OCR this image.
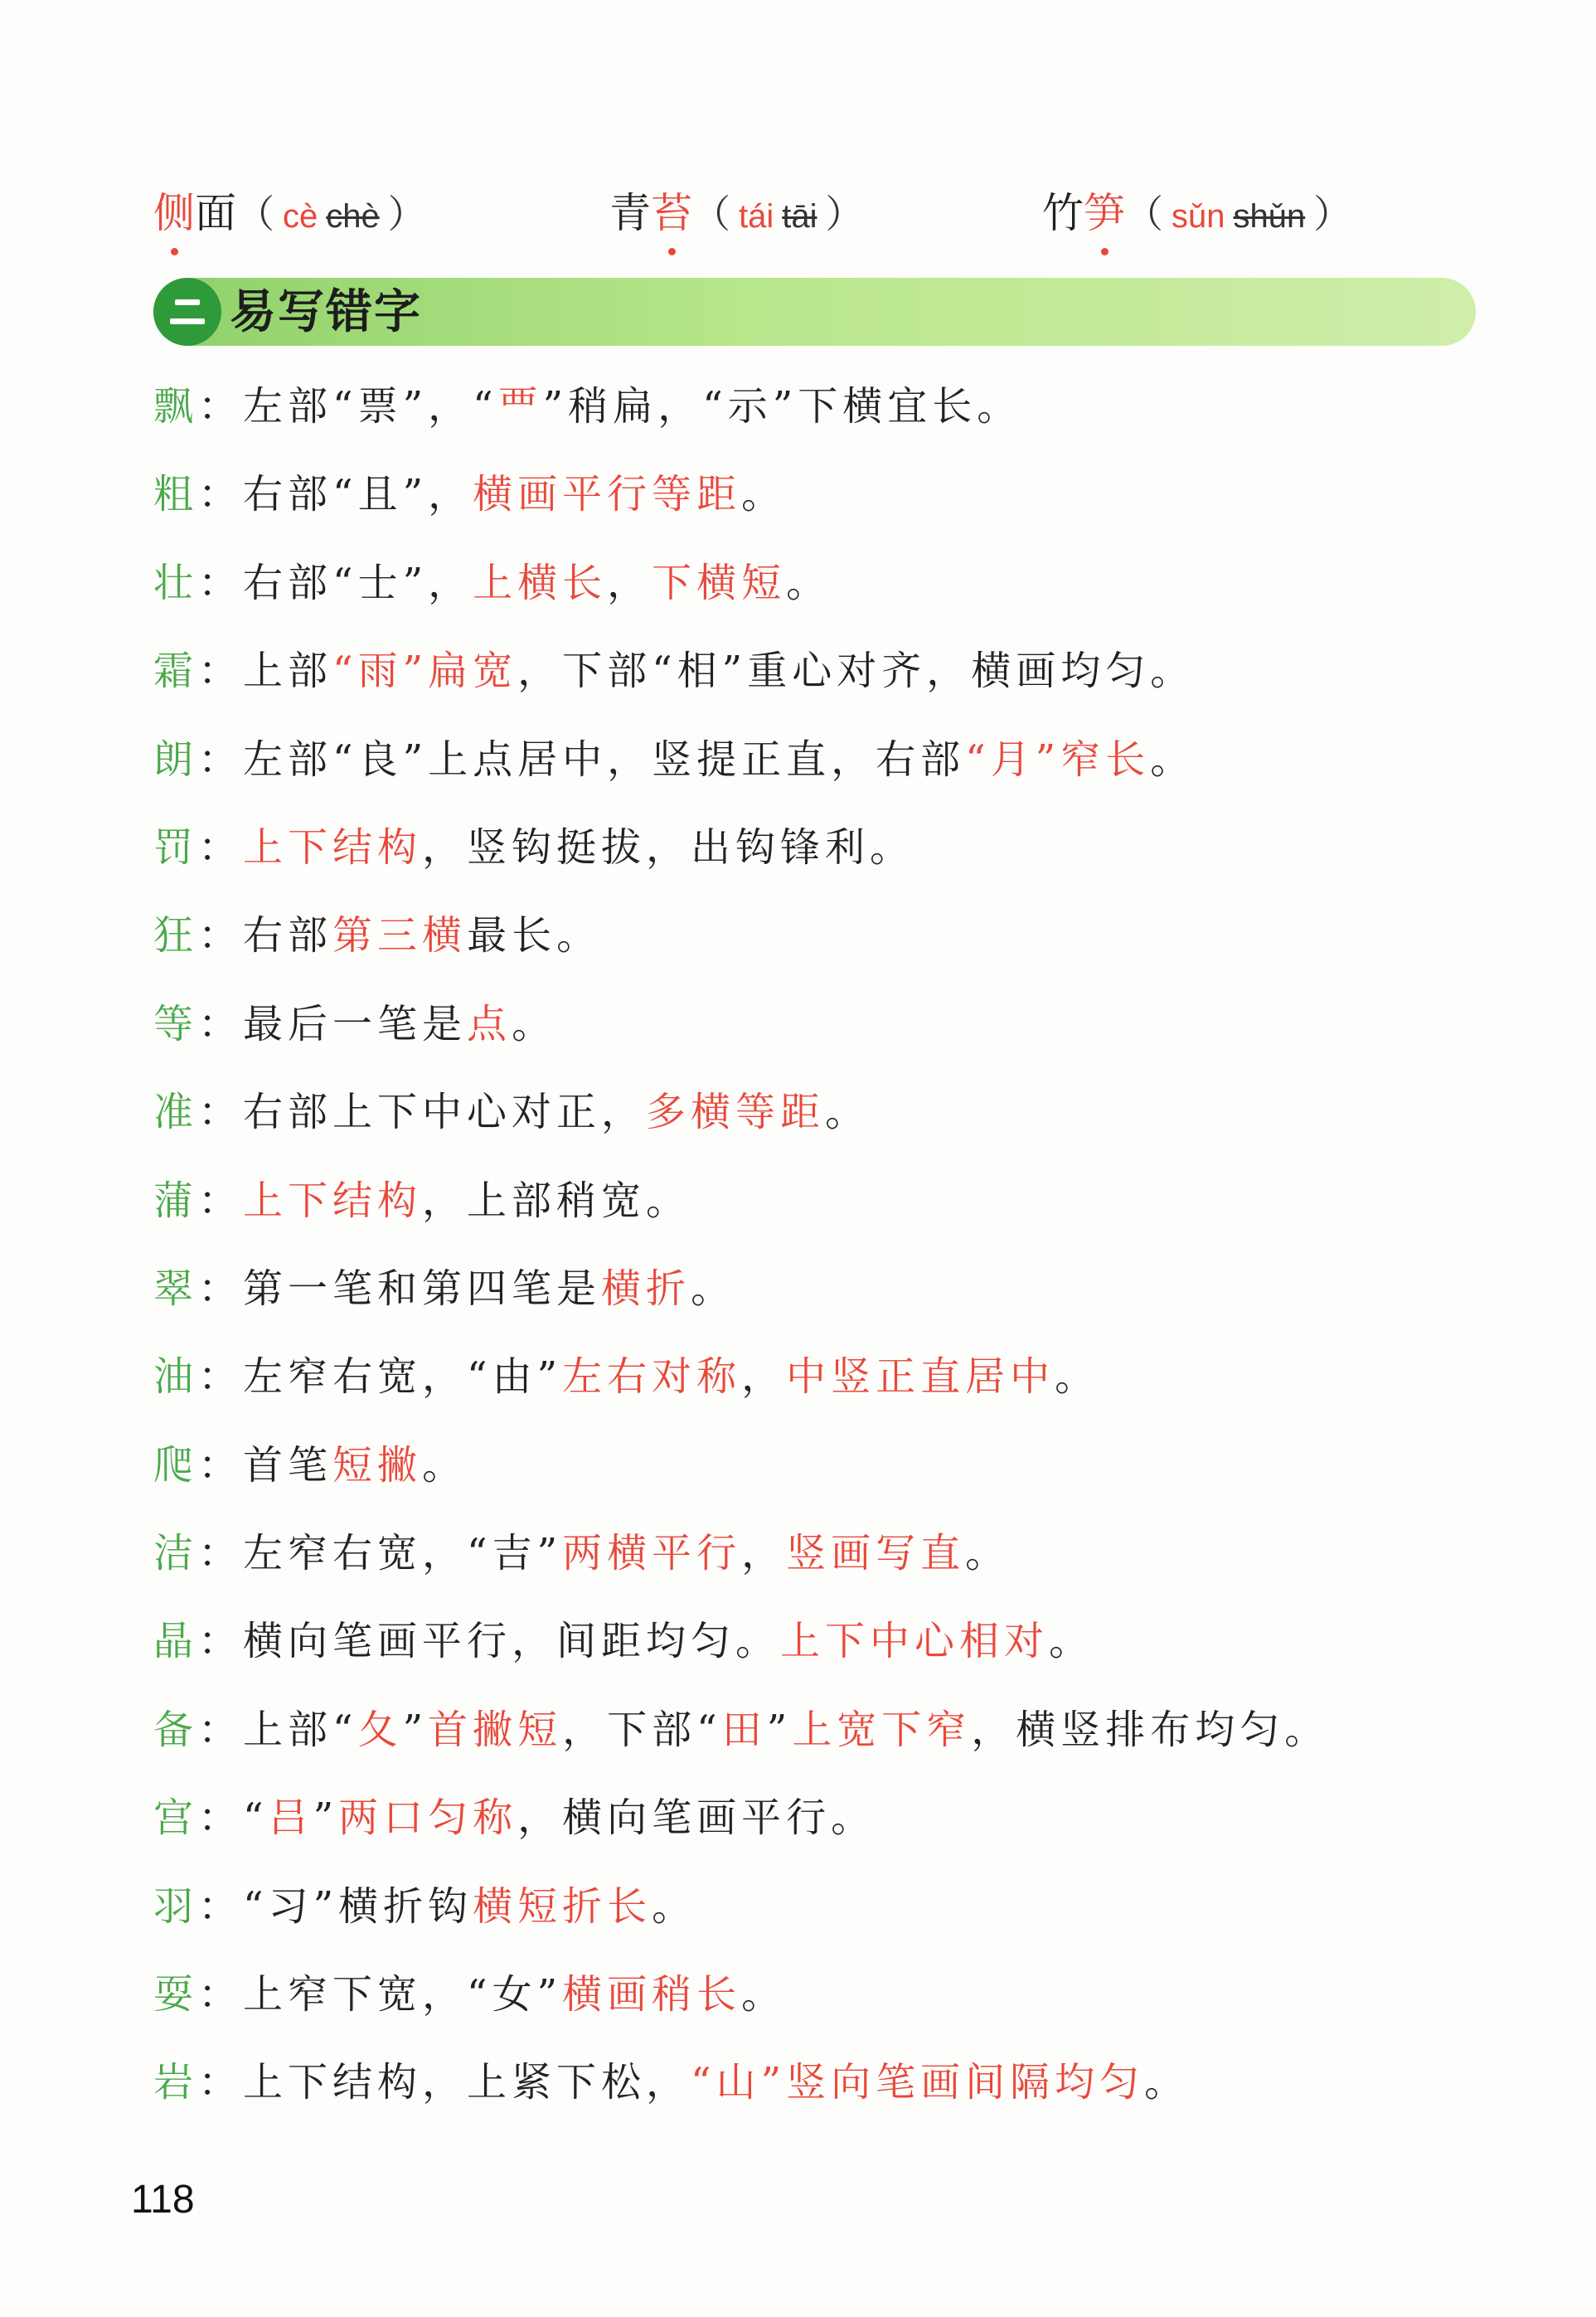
侧面（ cè chè ）	青苔（ tái tāi ）	竹笋（ sǔn shǔn ）
易写错字
飘：左部“票”，“覀”稍扁，“示”下横宜长。
粗：右部“且”，横画平行等距。
壮：右部“士”，上横长，下横短。
霜：上部“雨”扁宽，下部“相”重心对齐，横画均匀。
朗：左部“良”上点居中，竖提正直，右部“月”窄长。
罚：上下结构，竖钩挺拔，出钩锋利。
狂：右部第三横最长。
等：最后一笔是点。
准：右部上下中心对正，多横等距。
蒲：上下结构，上部稍宽。
翠：第一笔和第四笔是横折。
油：左窄右宽，“由”左右对称，中竖正直居中。
爬：首笔短撇。
洁：左窄右宽，“吉”两横平行，竖画写直。
晶：横向笔画平行，间距均匀。上下中心相对。
备：上部“夂”首撇短，下部“田”上宽下窄，横竖排布均匀。
宫：“吕”两口匀称，横向笔画平行。
羽：“习”横折钩横短折长。
耍：上窄下宽，“女”横画稍长。
岩：上下结构，上紧下松，“山”竖向笔画间隔均匀。
118
